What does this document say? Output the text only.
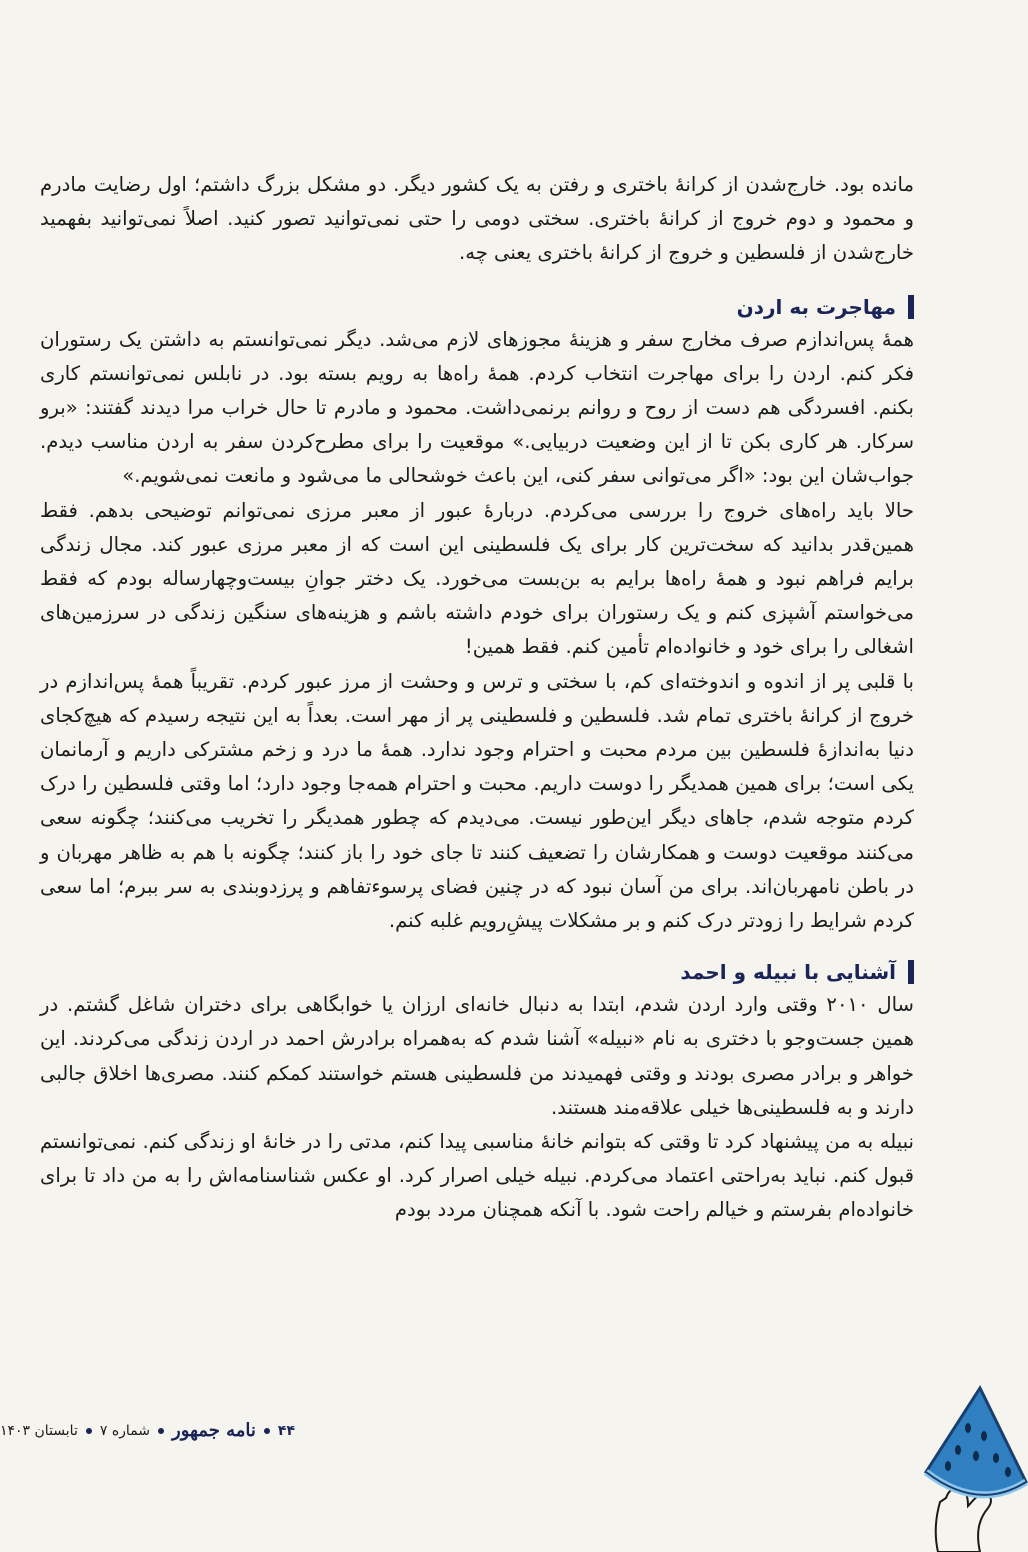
مانده بود. خارج‌شدن از کرانهٔ باختری و رفتن به یک کشور دیگر. دو مشکل بزرگ داشتم؛ اول رضایت مادرم و محمود و دوم خروج از کرانهٔ باختری. سختی دومی را حتی نمی‌توانید تصور کنید. اصلاً نمی‌توانید بفهمید خارج‌شدن از فلسطین و خروج از کرانهٔ باختری یعنی چه.

مهاجرت به اردن

همهٔ پس‌اندازم صرف مخارج سفر و هزینهٔ مجوزهای لازم می‌شد. دیگر نمی‌توانستم به داشتن یک رستوران فکر کنم. اردن را برای مهاجرت انتخاب کردم. همهٔ راه‌ها به رویم بسته بود. در نابلس نمی‌توانستم کاری بکنم. افسردگی هم دست از روح و روانم برنمی‌داشت. محمود و مادرم تا حال خراب مرا دیدند گفتند: «برو سرکار. هر کاری بکن تا از این وضعیت دربیایی.» موقعیت را برای مطرح‌کردن سفر به اردن مناسب دیدم. جواب‌شان این بود: «اگر می‌توانی سفر کنی، این باعث خوشحالی ما می‌شود و مانعت نمی‌شویم.»

حالا باید راه‌های خروج را بررسی می‌کردم. دربارهٔ عبور از معبر مرزی نمی‌توانم توضیحی بدهم. فقط همین‌قدر بدانید که سخت‌ترین کار برای یک فلسطینی این است که از معبر مرزی عبور کند. مجال زندگی برایم فراهم نبود و همهٔ راه‌ها برایم به بن‌بست می‌خورد. یک دختر جوانِ بیست‌وچهارساله بودم که فقط می‌خواستم آشپزی کنم و یک رستوران برای خودم داشته باشم و هزینه‌های سنگین زندگی در سرزمین‌های اشغالی را برای خود و خانواده‌ام تأمین کنم. فقط همین!

با قلبی پر از اندوه و اندوخته‌ای کم، با سختی و ترس و وحشت از مرز عبور کردم. تقریباً همهٔ پس‌اندازم در خروج از کرانهٔ باختری تمام شد. فلسطین و فلسطینی پر از مهر است. بعداً به این نتیجه رسیدم که هیچ‌کجای دنیا به‌اندازهٔ فلسطین بین مردم محبت و احترام وجود ندارد. همهٔ ما درد و زخم مشترکی داریم و آرمانمان یکی است؛ برای همین همدیگر را دوست داریم. محبت و احترام همه‌جا وجود دارد؛ اما وقتی فلسطین را درک کردم متوجه شدم، جاهای دیگر این‌طور نیست. می‌دیدم که چطور همدیگر را تخریب می‌کنند؛ چگونه سعی می‌کنند موقعیت دوست و همکارشان را تضعیف کنند تا جای خود را باز کنند؛ چگونه با هم به ظاهر مهربان و در باطن نامهربان‌اند. برای من آسان نبود که در چنین فضای پرسوءتفاهم و پرزدوبندی به سر ببرم؛ اما سعی کردم شرایط را زودتر درک کنم و بر مشکلات پیشِ‌رویم غلبه کنم.

آشنایی با نبیله و احمد

سال ۲۰۱۰ وقتی وارد اردن شدم، ابتدا به دنبال خانه‌ای ارزان یا خوابگاهی برای دختران شاغل گشتم. در همین جست‌وجو با دختری به نام «نبیله» آشنا شدم که به‌همراه برادرش احمد در اردن زندگی می‌کردند. این خواهر و برادر مصری بودند و وقتی فهمیدند من فلسطینی هستم خواستند کمکم کنند. مصری‌ها اخلاق جالبی دارند و به فلسطینی‌ها خیلی علاقه‌مند هستند.

نبیله به من پیشنهاد کرد تا وقتی که بتوانم خانهٔ مناسبی پیدا کنم، مدتی را در خانهٔ او زندگی کنم. نمی‌توانستم قبول کنم. نباید به‌راحتی اعتماد می‌کردم. نبیله خیلی اصرار کرد. او عکس شناسنامه‌اش را به من داد تا برای خانواده‌ام بفرستم و خیالم راحت شود. با آنکه همچنان مردد بودم

۴۴
نامه جمهور
شماره ۷
تابستان ۱۴۰۳
